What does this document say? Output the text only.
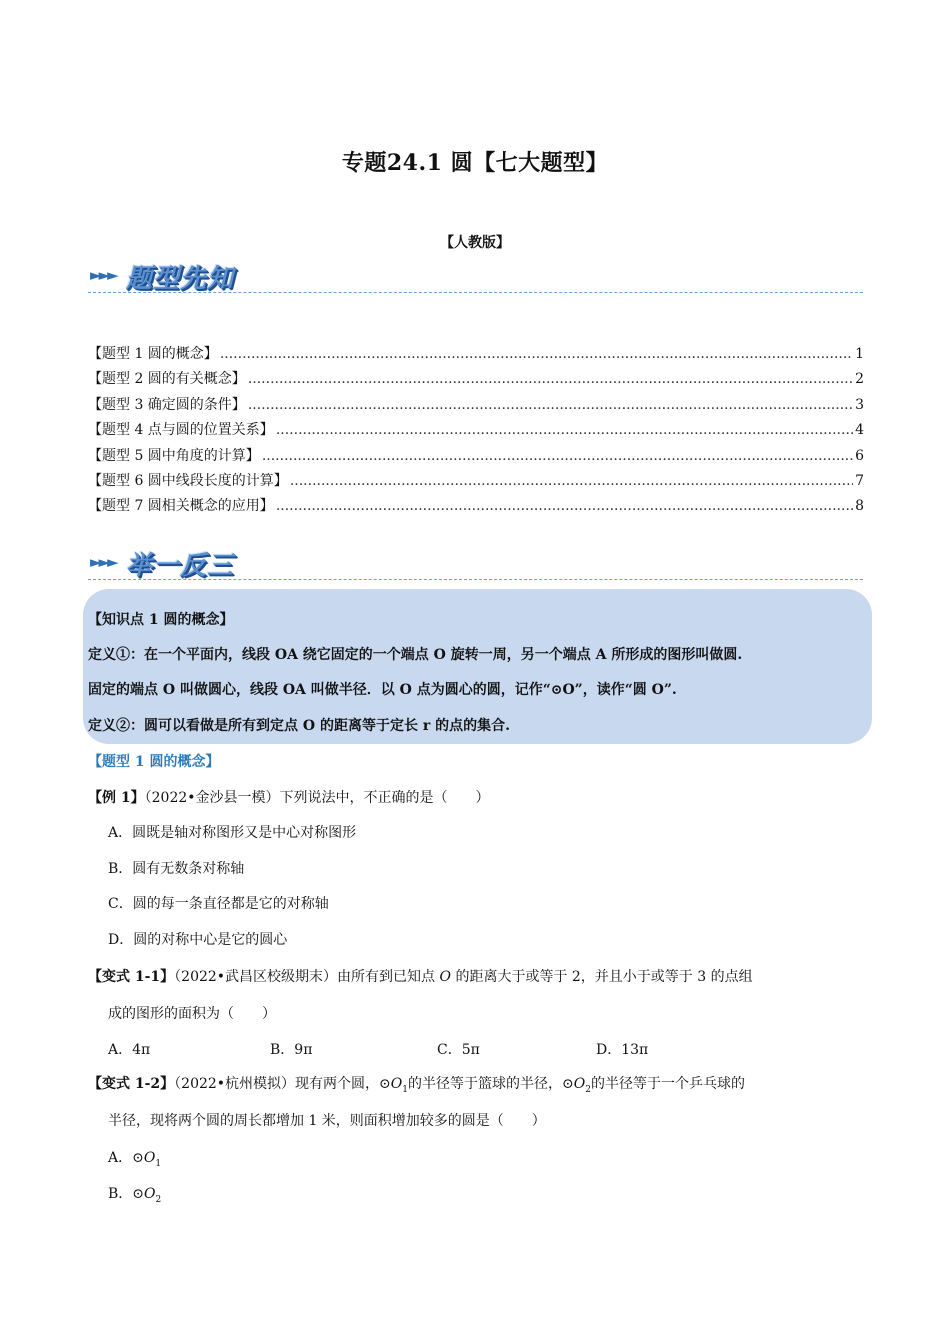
专题24.1 圆【七大题型】
【人教版】
►►► 题型先知
【题型 1 圆的概念】 .....	1
【题型 2 圆的有关概念】 .....	2
【题型 3 确定圆的条件】 .....	3
【题型 4 点与圆的位置关系】 .....	4
【题型 5 圆中角度的计算】 .....	6
【题型 6 圆中线段长度的计算】 .....	7
【题型 7 圆相关概念的应用】 .....	8
►►► 举一反三
【知识点 1 圆的概念】
定义①：在一个平面内，线段 OA 绕它固定的一个端点 O 旋转一周，另一个端点 A 所形成的图形叫做圆.
固定的端点 O 叫做圆心，线段 OA 叫做半径．以 O 点为圆心的圆，记作“⊙O”，读作“圆 O”.
定义②：圆可以看做是所有到定点 O 的距离等于定长 r 的点的集合.
【题型 1 圆的概念】
【例 1】（2022•金沙县一模）下列说法中，不正确的是（　　）
A．圆既是轴对称图形又是中心对称图形
B．圆有无数条对称轴
C．圆的每一条直径都是它的对称轴
D．圆的对称中心是它的圆心
【变式 1-1】（2022•武昌区校级期末）由所有到已知点 O 的距离大于或等于 2，并且小于或等于 3 的点组
成的图形的面积为（　　）
A．4π	B．9π	C．5π	D．13π
【变式 1-2】（2022•杭州模拟）现有两个圆，$⊙O_1$的半径等于篮球的半径，$⊙O_2$的半径等于一个乒乓球的
半径，现将两个圆的周长都增加 1 米，则面积增加较多的圆是（　　）
A．$⊙O_1$
B．$⊙O_2$
